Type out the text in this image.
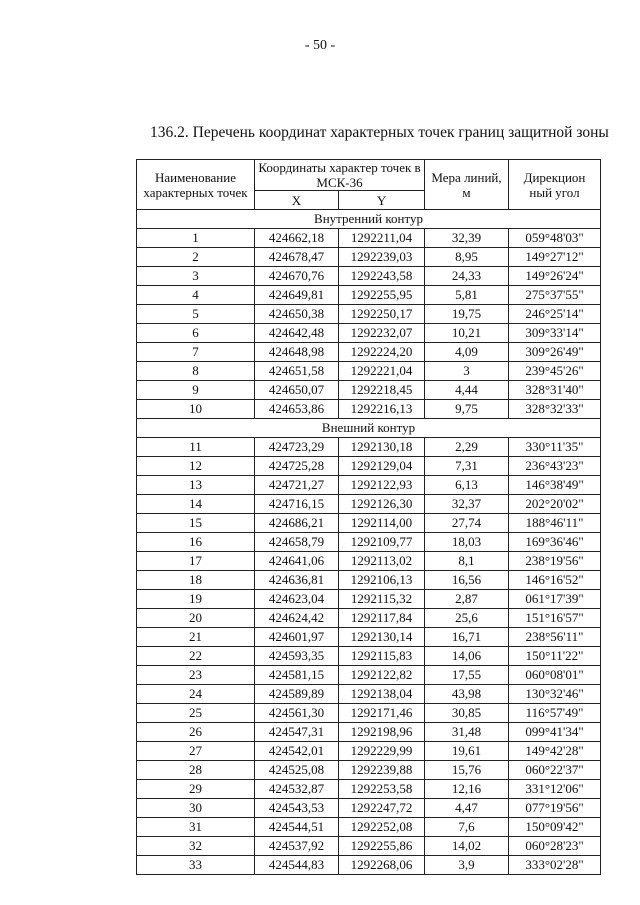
- 50 -
136.2. Перечень координат характерных точек границ защитной зоны
Наименование характерных точек	Координаты характер точек в МСК-36		Мера линий, м	Дирекцион ный угол
	X	Y		
Внутренний контур				
1	424662,18	1292211,04	32,39	059°48'03"
2	424678,47	1292239,03	8,95	149°27'12"
3	424670,76	1292243,58	24,33	149°26'24"
4	424649,81	1292255,95	5,81	275°37'55"
5	424650,38	1292250,17	19,75	246°25'14"
6	424642,48	1292232,07	10,21	309°33'14"
7	424648,98	1292224,20	4,09	309°26'49"
8	424651,58	1292221,04	3	239°45'26"
9	424650,07	1292218,45	4,44	328°31'40"
10	424653,86	1292216,13	9,75	328°32'33"
Внешний контур				
11	424723,29	1292130,18	2,29	330°11'35"
12	424725,28	1292129,04	7,31	236°43'23"
13	424721,27	1292122,93	6,13	146°38'49"
14	424716,15	1292126,30	32,37	202°20'02"
15	424686,21	1292114,00	27,74	188°46'11"
16	424658,79	1292109,77	18,03	169°36'46"
17	424641,06	1292113,02	8,1	238°19'56"
18	424636,81	1292106,13	16,56	146°16'52"
19	424623,04	1292115,32	2,87	061°17'39"
20	424624,42	1292117,84	25,6	151°16'57"
21	424601,97	1292130,14	16,71	238°56'11"
22	424593,35	1292115,83	14,06	150°11'22"
23	424581,15	1292122,82	17,55	060°08'01"
24	424589,89	1292138,04	43,98	130°32'46"
25	424561,30	1292171,46	30,85	116°57'49"
26	424547,31	1292198,96	31,48	099°41'34"
27	424542,01	1292229,99	19,61	149°42'28"
28	424525,08	1292239,88	15,76	060°22'37"
29	424532,87	1292253,58	12,16	331°12'06"
30	424543,53	1292247,72	4,47	077°19'56"
31	424544,51	1292252,08	7,6	150°09'42"
32	424537,92	1292255,86	14,02	060°28'23"
33	424544,83	1292268,06	3,9	333°02'28"
